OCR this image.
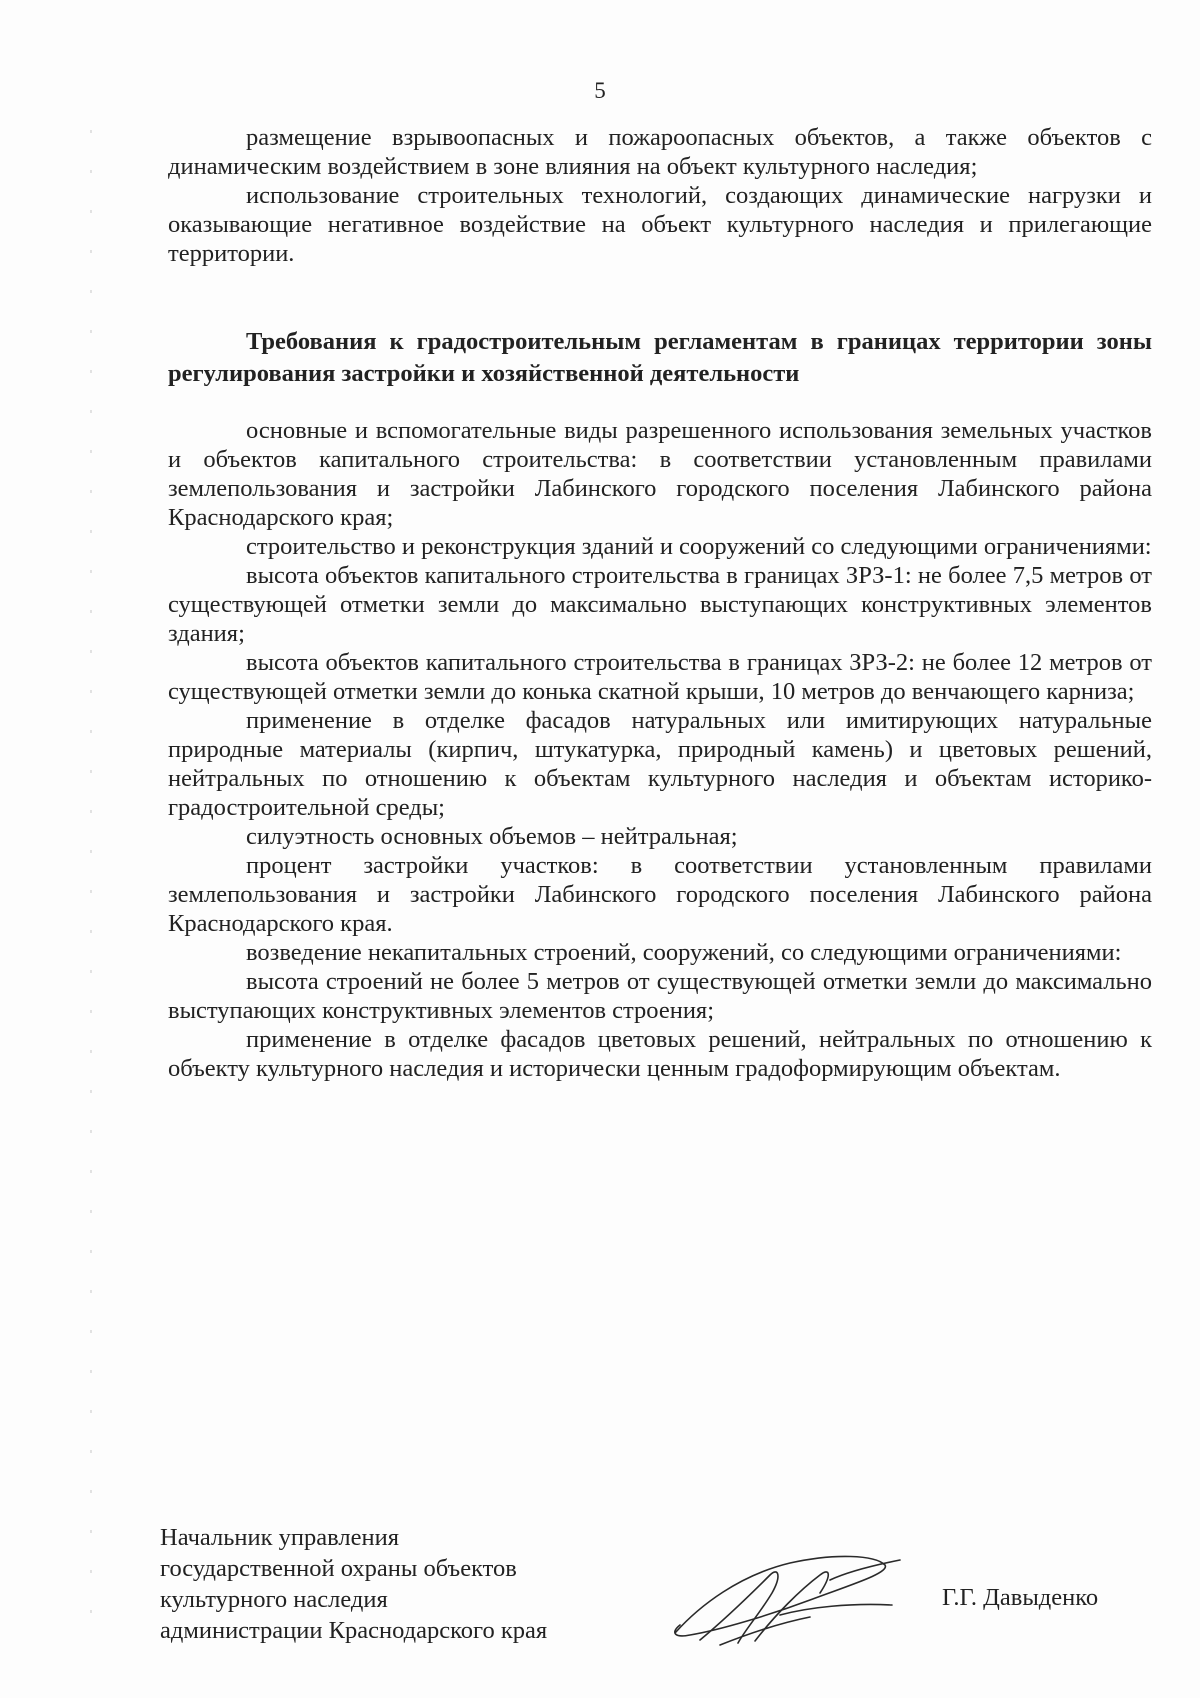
5

размещение взрывоопасных и пожароопасных объектов, а также объектов с динамическим воздействием в зоне влияния на объект культурного наследия;

использование строительных технологий, создающих динамические нагрузки и оказывающие негативное воздействие на объект культурного наследия и прилегающие территории.

Требования к градостроительным регламентам в границах территории зоны регулирования застройки и хозяйственной деятельности

основные и вспомогательные виды разрешенного использования земельных участков и объектов капитального строительства: в соответствии установленным правилами землепользования и застройки Лабинского городского поселения Лабинского района Краснодарского края;

строительство и реконструкция зданий и сооружений со следующими ограничениями:

высота объектов капитального строительства в границах ЗРЗ-1: не более 7,5 метров от существующей отметки земли до максимально выступающих конструктивных элементов здания;

высота объектов капитального строительства в границах ЗРЗ-2: не более 12 метров от существующей отметки земли до конька скатной крыши, 10 метров до венчающего карниза;

применение в отделке фасадов натуральных или имитирующих натуральные природные материалы (кирпич, штукатурка, природный камень) и цветовых решений, нейтральных по отношению к объектам культурного наследия и объектам историко-градостроительной среды;

силуэтность основных объемов – нейтральная;

процент застройки участков: в соответствии установленным правилами землепользования и застройки Лабинского городского поселения Лабинского района Краснодарского края.

возведение некапитальных строений, сооружений, со следующими ограничениями:

высота строений не более 5 метров от существующей отметки земли до максимально выступающих конструктивных элементов строения;

применение в отделке фасадов цветовых решений, нейтральных по отношению к объекту культурного наследия и исторически ценным градоформирующим объектам.

Начальник управления
государственной охраны объектов
культурного наследия
администрации Краснодарского края
Г.Г. Давыденко
